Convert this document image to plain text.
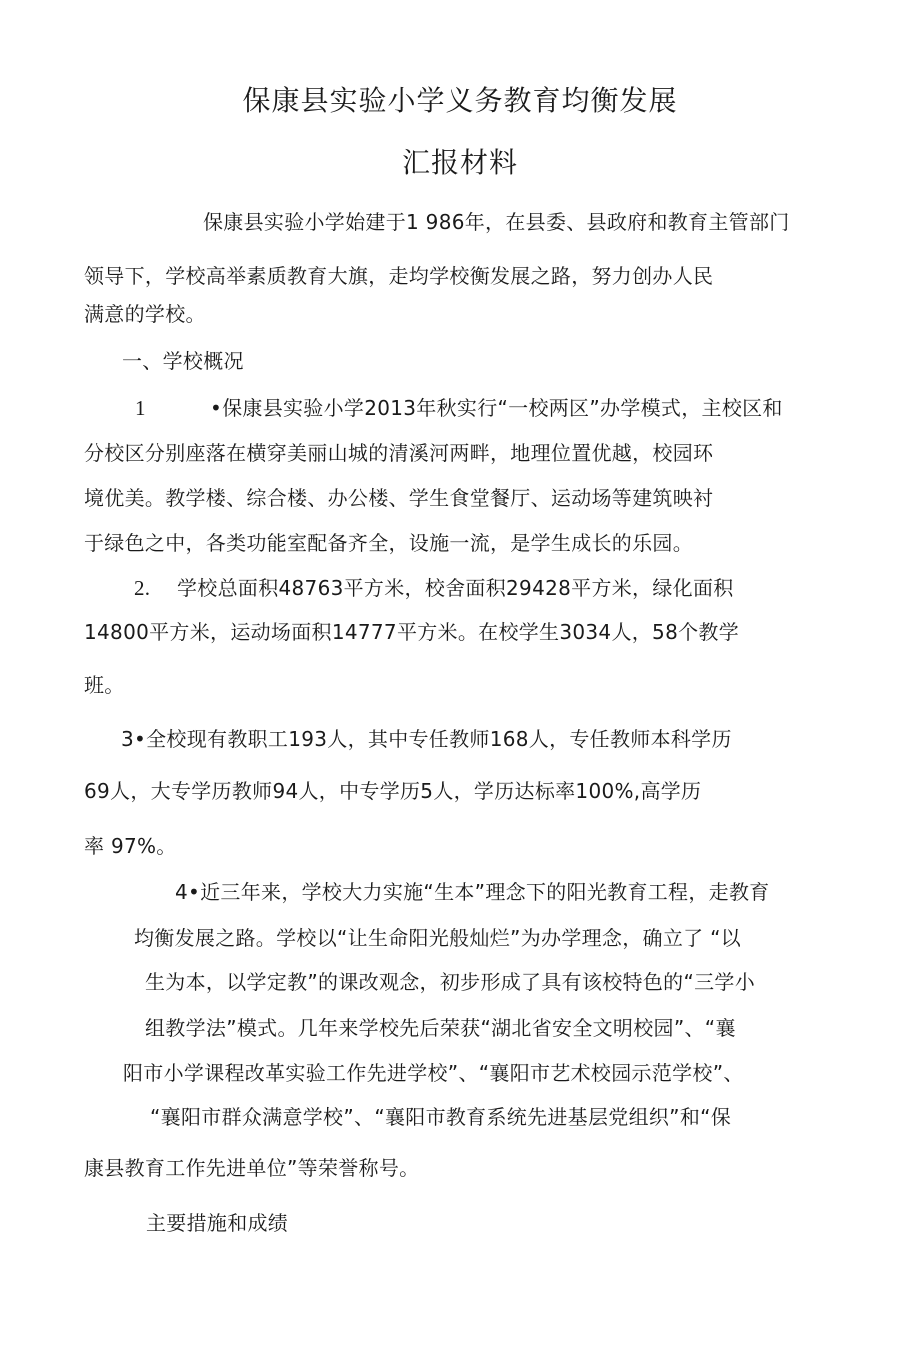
保康县实验小学义务教育均衡发展
汇报材料
保康县实验小学始建于1 986年，在县委、县政府和教育主管部门
领导下，学校高举素质教育大旗，走均学校衡发展之路，努力创办人民
满意的学校。
一、学校概况
1	•保康县实验小学2013年秋实行“一校两区”办学模式，主校区和
分校区分别座落在横穿美丽山城的清溪河两畔，地理位置优越，校园环
境优美。教学楼、综合楼、办公楼、学生食堂餐厅、运动场等建筑映衬
于绿色之中，各类功能室配备齐全，设施一流，是学生成长的乐园。
2. 学校总面积48763平方米，校舍面积29428平方米，绿化面积
14800平方米，运动场面积14777平方米。在校学生3034人，58个教学
班。
3•全校现有教职工193人，其中专任教师168人，专任教师本科学历
69人，大专学历教师94人，中专学历5人，学历达标率100%,高学历
率 97%。
4•近三年来，学校大力实施“生本”理念下的阳光教育工程，走教育
均衡发展之路。学校以“让生命阳光般灿烂”为办学理念，确立了 “以
生为本，以学定教”的课改观念，初步形成了具有该校特色的“三学小
组教学法”模式。几年来学校先后荣获“湖北省安全文明校园”、“襄
阳市小学课程改革实验工作先进学校”、“襄阳市艺术校园示范学校”、
“襄阳市群众满意学校”、“襄阳市教育系统先进基层党组织”和“保
康县教育工作先进单位”等荣誉称号。
主要措施和成绩
